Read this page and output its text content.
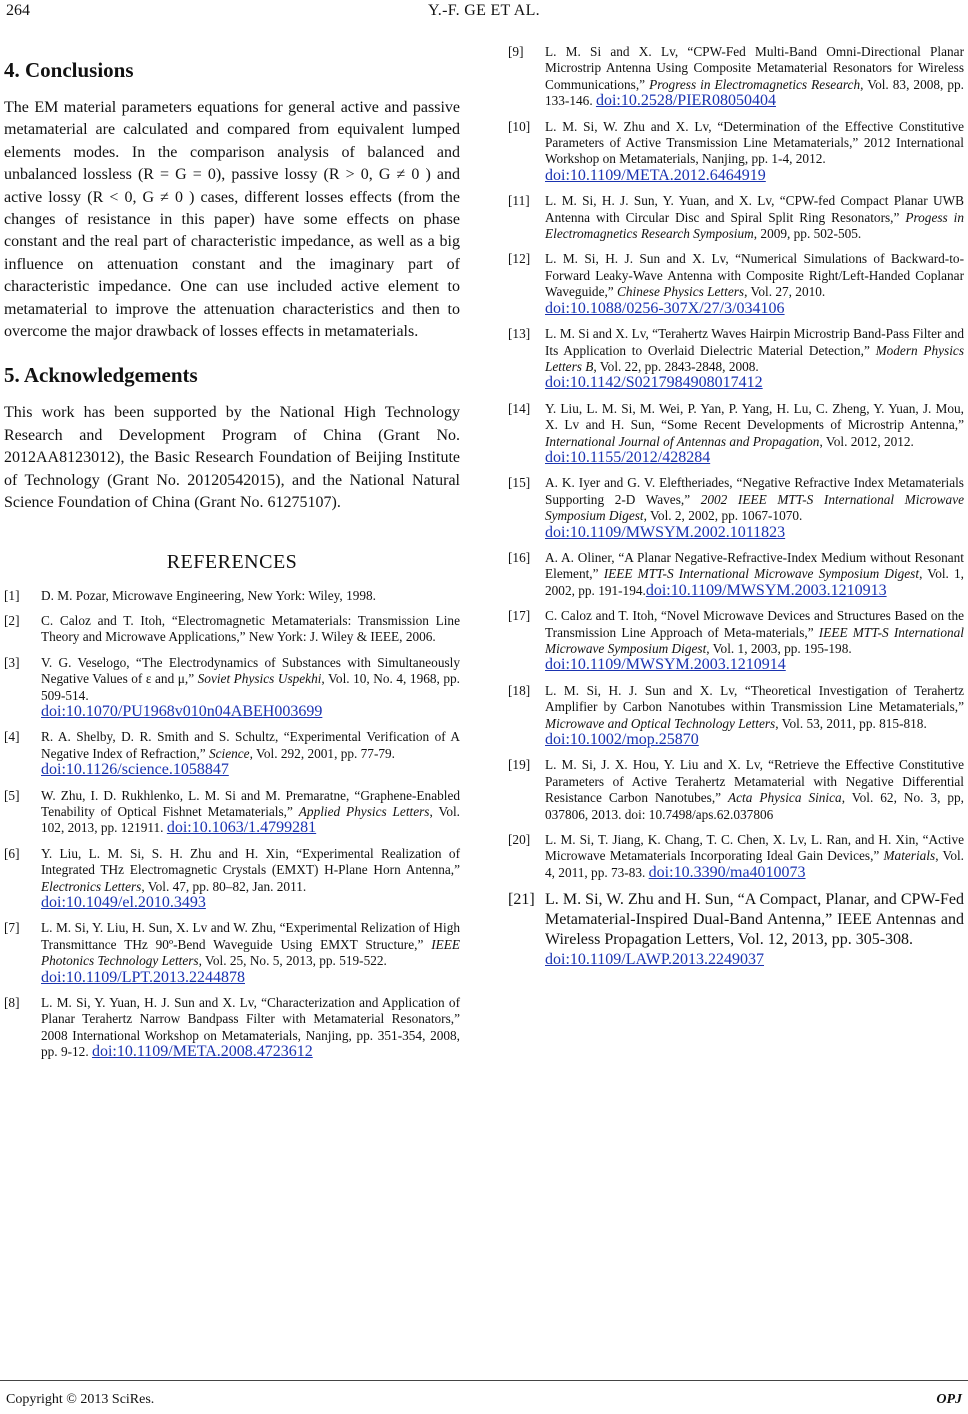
264	Y.-F. GE ET AL.
4. Conclusions

The EM material parameters equations for general active and passive metamaterial are calculated and compared from equivalent lumped elements modes. In the comparison analysis of balanced and unbalanced lossless (R = G = 0), passive lossy (R > 0, G ≠ 0 ) and active lossy (R < 0, G ≠ 0 ) cases, different losses effects (from the changes of resistance in this paper) have some effects on phase constant and the real part of characteristic impedance, as well as a big influence on attenuation constant and the imaginary part of characteristic impedance. One can use included active element to metamaterial to improve the attenuation characteristics and then to overcome the major drawback of losses effects in metamaterials.

5. Acknowledgements

This work has been supported by the National High Technology Research and Development Program of China (Grant No. 2012AA8123012), the Basic Research Foundation of Beijing Institute of Technology (Grant No. 20120542015), and the National Natural Science Foundation of China (Grant No. 61275107).

REFERENCES
[1]	D. M. Pozar, Microwave Engineering, New York: Wiley, 1998.
[2]	C. Caloz and T. Itoh, “Electromagnetic Metamaterials: Transmission Line Theory and Microwave Applications,” New York: J. Wiley & IEEE, 2006.
[3]	V. G. Veselogo, “The Electrodynamics of Substances with Simultaneously Negative Values of ε and μ,” Soviet Physics Uspekhi, Vol. 10, No. 4, 1968, pp. 509-514.
doi:10.1070/PU1968v010n04ABEH003699
[4]	R. A. Shelby, D. R. Smith and S. Schultz, “Experimental Verification of A Negative Index of Refraction,” Science, Vol. 292, 2001, pp. 77-79.
doi:10.1126/science.1058847
[5]	W. Zhu, I. D. Rukhlenko, L. M. Si and M. Premaratne, “Graphene-Enabled Tenability of Optical Fishnet Metamaterials,” Applied Physics Letters, Vol. 102, 2013, pp. 121911. doi:10.1063/1.4799281
[6]	Y. Liu, L. M. Si, S. H. Zhu and H. Xin, “Experimental Realization of Integrated THz Electromagnetic Crystals (EMXT) H-Plane Horn Antenna,” Electronics Letters, Vol. 47, pp. 80–82, Jan. 2011.
doi:10.1049/el.2010.3493
[7]	L. M. Si, Y. Liu, H. Sun, X. Lv and W. Zhu, “Experimental Relization of High Transmittance THz 90º-Bend Waveguide Using EMXT Structure,” IEEE Photonics Technology Letters, Vol. 25, No. 5, 2013, pp. 519-522.
doi:10.1109/LPT.2013.2244878
[8]	L. M. Si, Y. Yuan, H. J. Sun and X. Lv, “Characterization and Application of Planar Terahertz Narrow Bandpass Filter with Metamaterial Resonators,” 2008 International Workshop on Metamaterials, Nanjing, pp. 351-354, 2008, pp. 9-12. doi:10.1109/META.2008.4723612
[9]	L. M. Si and X. Lv, “CPW-Fed Multi-Band Omni-Directional Planar Microstrip Antenna Using Composite Metamaterial Resonators for Wireless Communications,” Progress in Electromagnetics Research, Vol. 83, 2008, pp. 133-146. doi:10.2528/PIER08050404
[10]	L. M. Si, W. Zhu and X. Lv, “Determination of the Effective Constitutive Parameters of Active Transmission Line Metamaterials,” 2012 International Workshop on Metamaterials, Nanjing, pp. 1-4, 2012.
doi:10.1109/META.2012.6464919
[11]	L. M. Si, H. J. Sun, Y. Yuan, and X. Lv, “CPW-fed Compact Planar UWB Antenna with Circular Disc and Spiral Split Ring Resonators,” Progess in Electromagnetics Research Symposium, 2009, pp. 502-505.
[12]	L. M. Si, H. J. Sun and X. Lv, “Numerical Simulations of Backward-to-Forward Leaky-Wave Antenna with Composite Right/Left-Handed Coplanar Waveguide,” Chinese Physics Letters, Vol. 27, 2010.
doi:10.1088/0256-307X/27/3/034106
[13]	L. M. Si and X. Lv, “Terahertz Waves Hairpin Microstrip Band-Pass Filter and Its Application to Overlaid Dielectric Material Detection,” Modern Physics Letters B, Vol. 22, pp. 2843-2848, 2008.
doi:10.1142/S0217984908017412
[14]	Y. Liu, L. M. Si, M. Wei, P. Yan, P. Yang, H. Lu, C. Zheng, Y. Yuan, J. Mou, X. Lv and H. Sun, “Some Recent Developments of Microstrip Antenna,” International Journal of Antennas and Propagation, Vol. 2012, 2012.
doi:10.1155/2012/428284
[15]	A. K. Iyer and G. V. Eleftheriades, “Negative Refractive Index Metamaterials Supporting 2-D Waves,” 2002 IEEE MTT-S International Microwave Symposium Digest, Vol. 2, 2002, pp. 1067-1070.
doi:10.1109/MWSYM.2002.1011823
[16]	A. A. Oliner, “A Planar Negative-Refractive-Index Medium without Resonant Element,” IEEE MTT-S International Microwave Symposium Digest, Vol. 1, 2002, pp. 191-194.doi:10.1109/MWSYM.2003.1210913
[17]	C. Caloz and T. Itoh, “Novel Microwave Devices and Structures Based on the Transmission Line Approach of Meta-materials,” IEEE MTT-S International Microwave Symposium Digest, Vol. 1, 2003, pp. 195-198.
doi:10.1109/MWSYM.2003.1210914
[18]	L. M. Si, H. J. Sun and X. Lv, “Theoretical Investigation of Terahertz Amplifier by Carbon Nanotubes within Transmission Line Metamaterials,” Microwave and Optical Technology Letters, Vol. 53, 2011, pp. 815-818.
doi:10.1002/mop.25870
[19]	L. M. Si, J. X. Hou, Y. Liu and X. Lv, “Retrieve the Effective Constitutive Parameters of Active Terahertz Metamaterial with Negative Differential Resistance Carbon Nanotubes,” Acta Physica Sinica, Vol. 62, No. 3, pp, 037806, 2013. doi: 10.7498/aps.62.037806
[20]	L. M. Si, T. Jiang, K. Chang, T. C. Chen, X. Lv, L. Ran, and H. Xin, “Active Microwave Metamaterials Incorporating Ideal Gain Devices,” Materials, Vol. 4, 2011, pp. 73-83. doi:10.3390/ma4010073
[21] L. M. Si, W. Zhu and H. Sun, “A Compact, Planar, and CPW-Fed Metamaterial-Inspired Dual-Band Antenna,” IEEE Antennas and Wireless Propagation Letters, Vol. 12, 2013, pp. 305-308.
doi:10.1109/LAWP.2013.2249037
Copyright © 2013 SciRes.	OPJ
